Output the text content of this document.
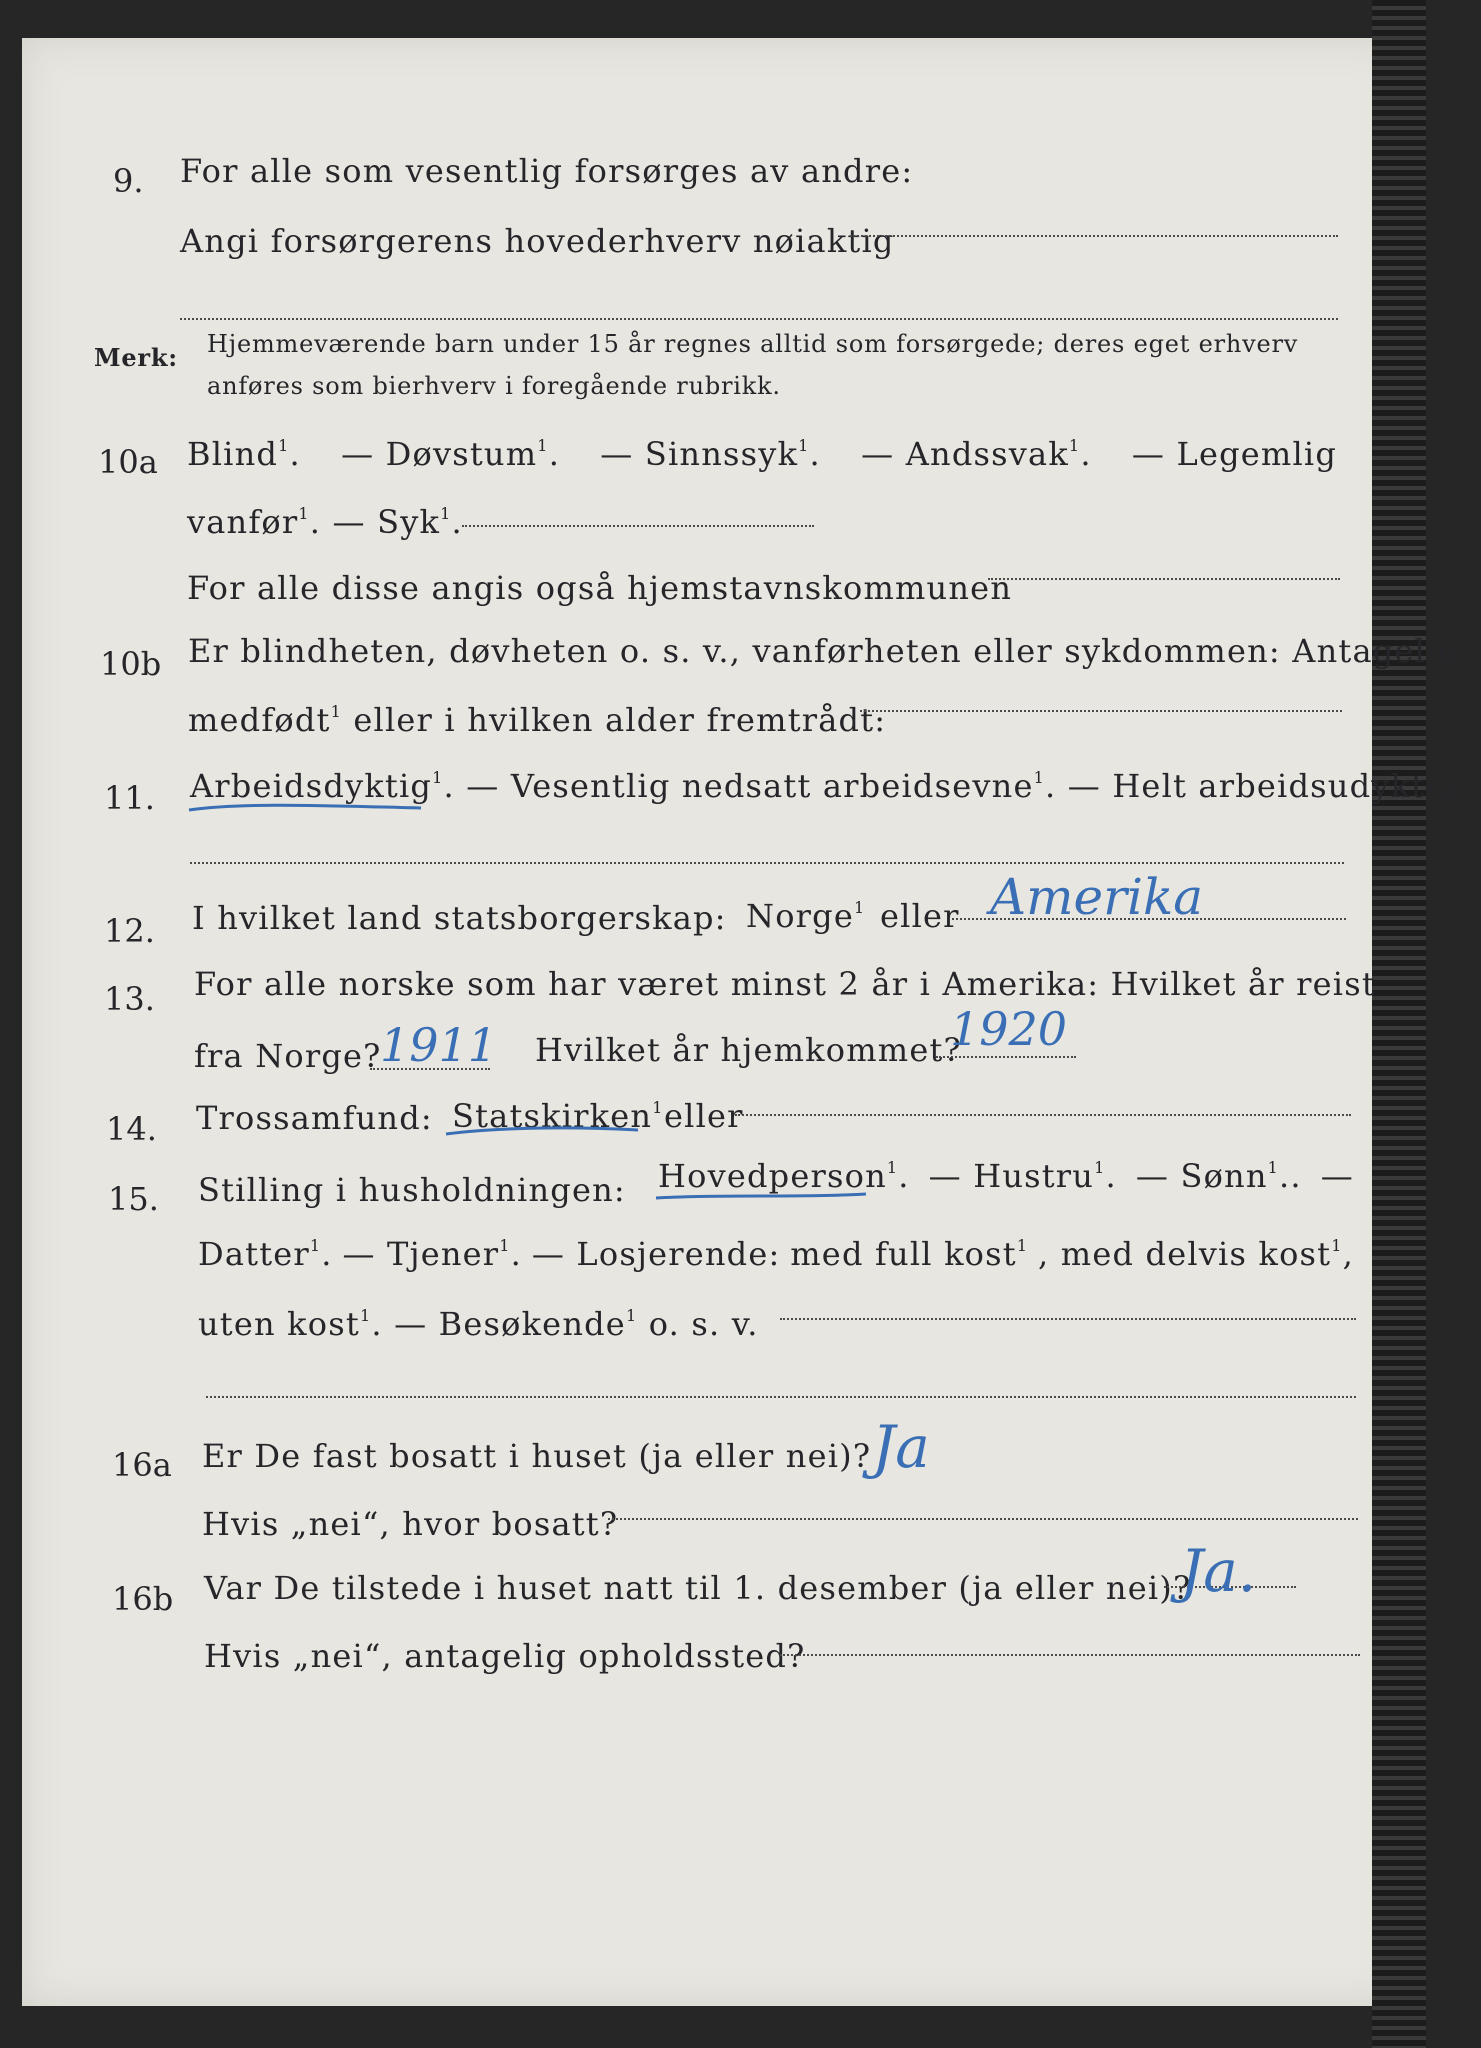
9. For alle som vesentlig forsørges av andre:
Angi forsørgerens hovederhverv nøiaktig
Merk: Hjemmeværende barn under 15 år regnes alltid som forsørgede; deres eget erhverv
anføres som bierhverv i foregående rubrikk.
10a Blind$^1$. — Døvstum$^1$. — Sinnssyk$^1$. — Andssvak$^1$. — Legemlig
vanfør$^1$. — Syk$^1$.
For alle disse angis også hjemstavnskommunen
10b Er blindheten, døvheten o. s. v., vanførheten eller sykdommen: Antagelig
medfødt$^1$ eller i hvilken alder fremtrådt:
11. Arbeidsdyktig$^1$. — Vesentlig nedsatt arbeidsevne$^1$. — Helt arbeidsudyktig$^1$.
12. I hvilket land statsborgerskap: Norge$^1$ eller Amerika
13. For alle norske som har været minst 2 år i Amerika: Hvilket år reist
fra Norge?
1911 Hvilket år hjemkommet?
1920
14. Trossamfund: Statskirken$^1$ eller
15. Stilling i husholdningen: Hovedperson$^1$. — Hustru$^1$. — Sønn$^1$.. —
Datter$^1$. — Tjener$^1$. — Losjerende: med full kost$^1$ , med delvis kost$^1$,
uten kost$^1$. — Besøkende$^1$ o. s. v.
16a Er De fast bosatt i huset (ja eller nei)? Ja
Hvis „nei“, hvor bosatt?
16b Var De tilstede i huset natt til 1. desember (ja eller nei)?
Ja.
Hvis „nei“, antagelig opholdssted?
